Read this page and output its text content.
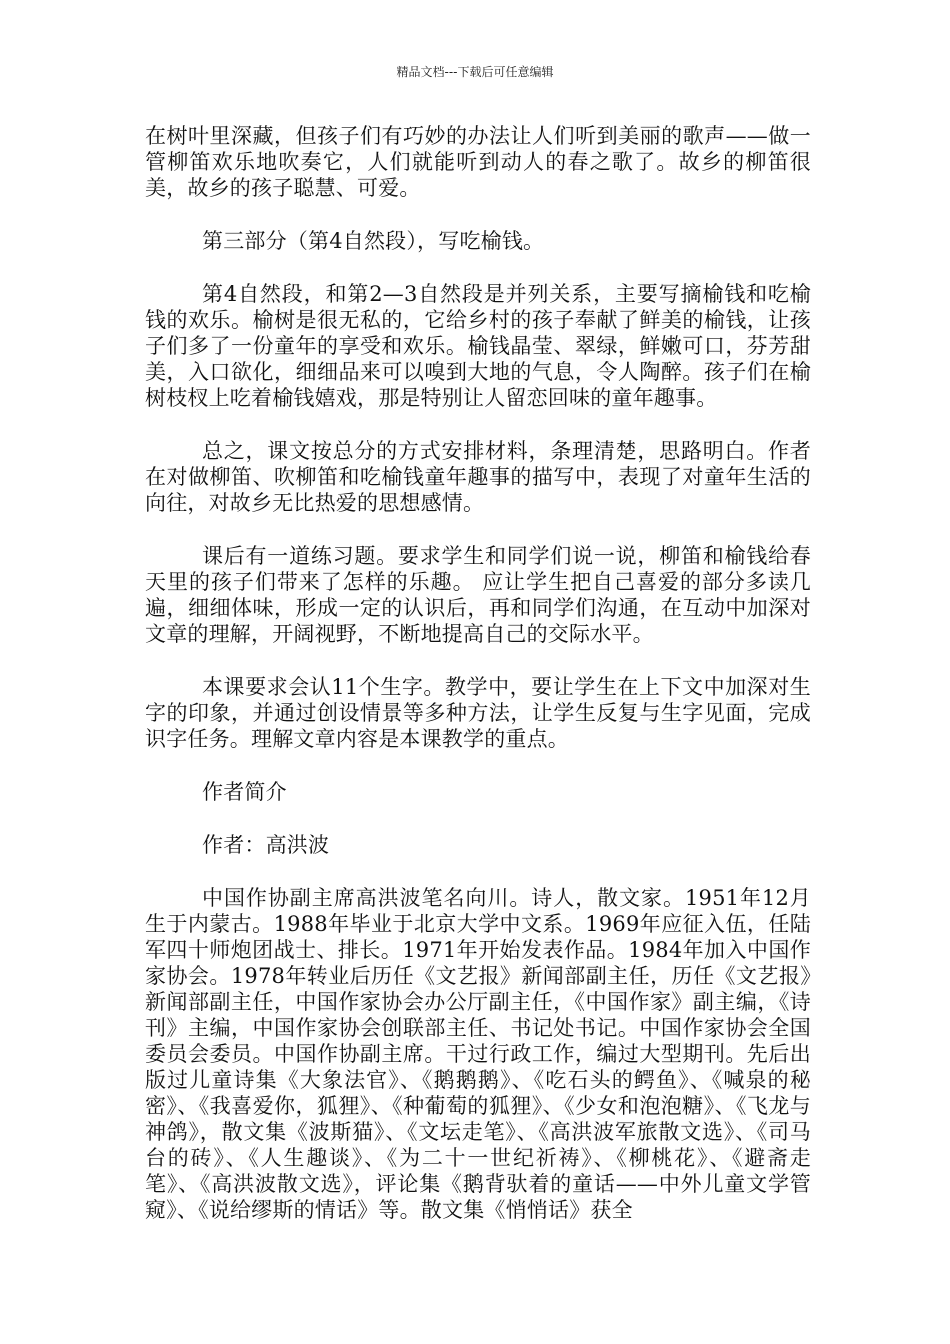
精品文档---下载后可任意编辑

在树叶里深藏，但孩子们有巧妙的办法让人们听到美丽的歌声——做一管柳笛欢乐地吹奏它，人们就能听到动人的春之歌了。故乡的柳笛很美，故乡的孩子聪慧、可爱。

第三部分（第4自然段），写吃榆钱。

第4自然段，和第2—3自然段是并列关系，主要写摘榆钱和吃榆钱的欢乐。榆树是很无私的，它给乡村的孩子奉献了鲜美的榆钱，让孩子们多了一份童年的享受和欢乐。榆钱晶莹、翠绿，鲜嫩可口，芬芳甜美，入口欲化，细细品来可以嗅到大地的气息，令人陶醉。孩子们在榆树枝杈上吃着榆钱嬉戏，那是特别让人留恋回味的童年趣事。

总之，课文按总分的方式安排材料，条理清楚，思路明白。作者在对做柳笛、吹柳笛和吃榆钱童年趣事的描写中，表现了对童年生活的向往，对故乡无比热爱的思想感情。

课后有一道练习题。要求学生和同学们说一说，柳笛和榆钱给春天里的孩子们带来了怎样的乐趣。 应让学生把自己喜爱的部分多读几遍，细细体味，形成一定的认识后，再和同学们沟通，在互动中加深对文章的理解，开阔视野，不断地提高自己的交际水平。

本课要求会认11个生字。教学中，要让学生在上下文中加深对生字的印象，并通过创设情景等多种方法，让学生反复与生字见面，完成识字任务。理解文章内容是本课教学的重点。

作者简介

作者：高洪波

中国作协副主席高洪波笔名向川。诗人，散文家。1951年12月生于内蒙古。1988年毕业于北京大学中文系。1969年应征入伍，任陆军四十师炮团战士、排长。1971年开始发表作品。1984年加入中国作家协会。1978年转业后历任《文艺报》新闻部副主任，历任《文艺报》新闻部副主任，中国作家协会办公厅副主任，《中国作家》副主编，《诗刊》主编，中国作家协会创联部主任、书记处书记。中国作家协会全国委员会委员。中国作协副主席。干过行政工作，编过大型期刊。先后出版过儿童诗集《大象法官》、《鹅鹅鹅》、《吃石头的鳄鱼》、《喊泉的秘密》、《我喜爱你，狐狸》、《种葡萄的狐狸》、《少女和泡泡糖》、《飞龙与神鸽》，散文集《波斯猫》、《文坛走笔》、《高洪波军旅散文选》、《司马台的砖》、《人生趣谈》、《为二十一世纪祈祷》、《柳桃花》、《避斋走笔》、《高洪波散文选》，评论集《鹅背驮着的童话——中外儿童文学管窥》、《说给缪斯的情话》等。散文集《悄悄话》获全
